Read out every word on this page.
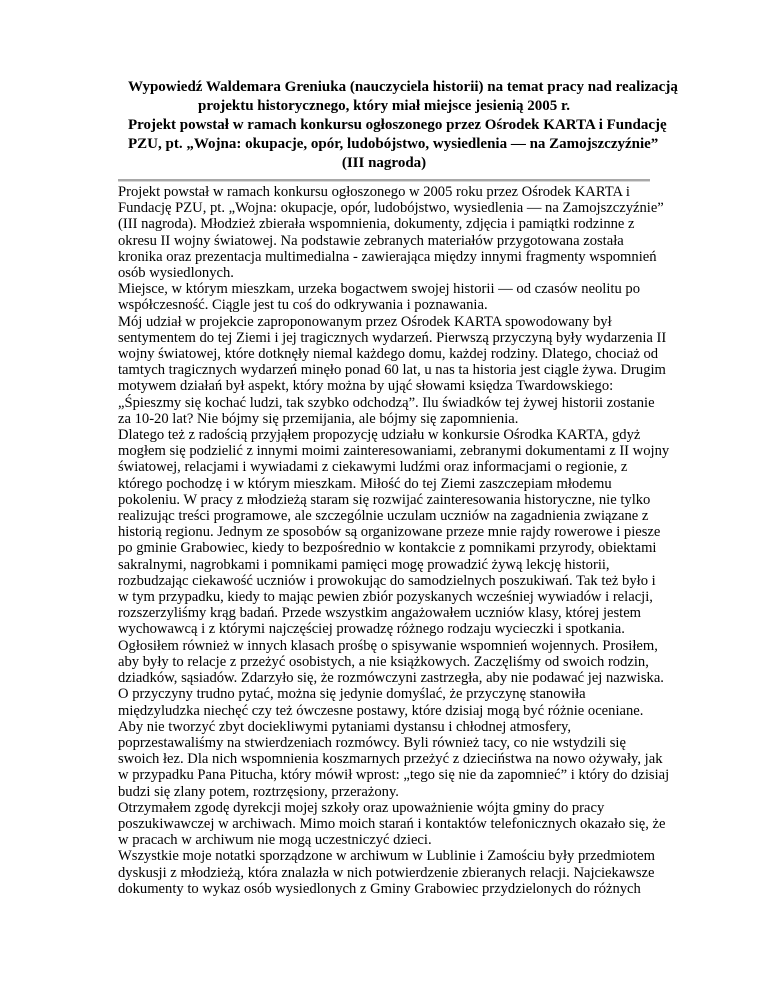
Wypowiedź Waldemara Greniuka (nauczyciela historii) na temat pracy nad realizacją
projektu historycznego, który miał miejsce jesienią 2005 r.
Projekt powstał w ramach konkursu ogłoszonego przez Ośrodek KARTA i Fundację
PZU, pt. „Wojna: okupacje, opór, ludobójstwo, wysiedlenia — na Zamojszczyźnie”
(III nagroda)
Projekt powstał w ramach konkursu ogłoszonego w 2005 roku przez Ośrodek KARTA i
Fundację PZU, pt. „Wojna: okupacje, opór, ludobójstwo, wysiedlenia — na Zamojszczyźnie”
(III nagroda). Młodzież zbierała wspomnienia, dokumenty, zdjęcia i pamiątki rodzinne z
okresu II wojny światowej. Na podstawie zebranych materiałów przygotowana została
kronika oraz prezentacja multimedialna - zawierająca między innymi fragmenty wspomnień
osób wysiedlonych.
Miejsce, w którym mieszkam, urzeka bogactwem swojej historii ― od czasów neolitu po
współczesność. Ciągle jest tu coś do odkrywania i poznawania.
Mój udział w projekcie zaproponowanym przez Ośrodek KARTA spowodowany był
sentymentem do tej Ziemi i jej tragicznych wydarzeń. Pierwszą przyczyną były wydarzenia II
wojny światowej, które dotknęły niemal każdego domu, każdej rodziny. Dlatego, chociaż od
tamtych tragicznych wydarzeń minęło ponad 60 lat, u nas ta historia jest ciągle żywa. Drugim
motywem działań był aspekt, który można by ująć słowami księdza Twardowskiego:
„Śpieszmy się kochać ludzi, tak szybko odchodzą”. Ilu świadków tej żywej historii zostanie
za 10-20 lat? Nie bójmy się przemijania, ale bójmy się zapomnienia.
Dlatego też z radością przyjąłem propozycję udziału w konkursie Ośrodka KARTA, gdyż
mogłem się podzielić z innymi moimi zainteresowaniami, zebranymi dokumentami z II wojny
światowej, relacjami i wywiadami z ciekawymi ludźmi oraz informacjami o regionie, z
którego pochodzę i w którym mieszkam. Miłość do tej Ziemi zaszczepiam młodemu
pokoleniu. W pracy z młodzieżą staram się rozwijać zainteresowania historyczne, nie tylko
realizując treści programowe, ale szczególnie uczulam uczniów na zagadnienia związane z
historią regionu. Jednym ze sposobów są organizowane przeze mnie rajdy rowerowe i piesze
po gminie Grabowiec, kiedy to bezpośrednio w kontakcie z pomnikami przyrody, obiektami
sakralnymi, nagrobkami i pomnikami pamięci mogę prowadzić żywą lekcję historii,
rozbudzając ciekawość uczniów i prowokując do samodzielnych poszukiwań. Tak też było i
w tym przypadku, kiedy to mając pewien zbiór pozyskanych wcześniej wywiadów i relacji,
rozszerzyliśmy krąg badań. Przede wszystkim angażowałem uczniów klasy, której jestem
wychowawcą i z którymi najczęściej prowadzę różnego rodzaju wycieczki i spotkania.
Ogłosiłem również w innych klasach prośbę o spisywanie wspomnień wojennych. Prosiłem,
aby były to relacje z przeżyć osobistych, a nie książkowych. Zaczęliśmy od swoich rodzin,
dziadków, sąsiadów. Zdarzyło się, że rozmówczyni zastrzegła, aby nie podawać jej nazwiska.
O przyczyny trudno pytać, można się jedynie domyślać, że przyczynę stanowiła
międzyludzka niechęć czy też ówczesne postawy, które dzisiaj mogą być różnie oceniane.
Aby nie tworzyć zbyt dociekliwymi pytaniami dystansu i chłodnej atmosfery,
poprzestawaliśmy na stwierdzeniach rozmówcy. Byli również tacy, co nie wstydzili się
swoich łez. Dla nich wspomnienia koszmarnych przeżyć z dzieciństwa na nowo ożywały, jak
w przypadku Pana Pitucha, który mówił wprost: „tego się nie da zapomnieć” i który do dzisiaj
budzi się zlany potem, roztrzęsiony, przerażony.
Otrzymałem zgodę dyrekcji mojej szkoły oraz upoważnienie wójta gminy do pracy
poszukiwawczej w archiwach. Mimo moich starań i kontaktów telefonicznych okazało się, że
w pracach w archiwum nie mogą uczestniczyć dzieci.
Wszystkie moje notatki sporządzone w archiwum w Lublinie i Zamościu były przedmiotem
dyskusji z młodzieżą, która znalazła w nich potwierdzenie zbieranych relacji. Najciekawsze
dokumenty to wykaz osób wysiedlonych z Gminy Grabowiec przydzielonych do różnych
